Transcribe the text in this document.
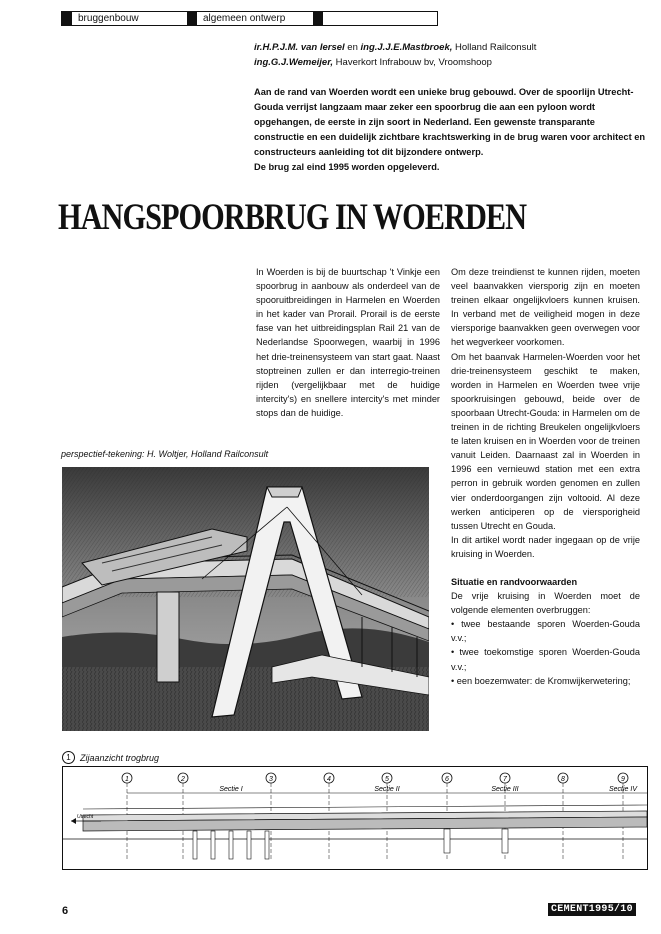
bruggenbouw	algemeen ontwerp
ir.H.P.J.M. van Iersel en ing.J.J.E.Mastbroek, Holland Railconsult
ing.G.J.Wemeijer, Haverkort Infrabouw bv, Vroomshoop

Aan de rand van Woerden wordt een unieke brug gebouwd. Over de spoorlijn Utrecht-Gouda verrijst langzaam maar zeker een spoorbrug die aan een pyloon wordt opgehangen, de eerste in zijn soort in Nederland. Een gewenste transparante constructie en een duidelijk zichtbare krachtswerking in de brug waren voor architect en constructeurs aanleiding tot dit bijzondere ontwerp.

De brug zal eind 1995 worden opgeleverd.

HANGSPOORBRUG IN WOERDEN

In Woerden is bij de buurtschap 't Vinkje een spoorbrug in aanbouw als onderdeel van de spooruitbreidingen in Harmelen en Woerden in het kader van Prorail. Prorail is de eerste fase van het uitbreidingsplan Rail 21 van de Nederlandse Spoorwegen, waarbij in 1996 het drie-treinensysteem van start gaat. Naast stoptreinen zullen er dan interregio-treinen rijden (vergelijkbaar met de huidige intercity's) en snellere intercity's met minder stops dan de huidige.

Om deze treindienst te kunnen rijden, moeten veel baanvakken viersporig zijn en moeten treinen elkaar ongelijkvloers kunnen kruisen. In verband met de veiligheid mogen in deze viersporige baanvakken geen overwegen voor het wegverkeer voorkomen.

Om het baanvak Harmelen-Woerden voor het drie-treinensysteem geschikt te maken, worden in Harmelen en Woerden twee vrije spoorkruisingen gebouwd, beide over de spoorbaan Utrecht-Gouda: in Harmelen om de treinen in de richting Breukelen ongelijkvloers te laten kruisen en in Woerden voor de treinen vanuit Leiden. Daarnaast zal in Woerden in 1996 een vernieuwd station met een extra perron in gebruik worden genomen en zullen vier onderdoorgangen zijn voltooid. Al deze werken anticiperen op de viersporigheid tussen Utrecht en Gouda.

In dit artikel wordt nader ingegaan op de vrije kruising in Woerden.

Situatie en randvoorwaarden

De vrije kruising in Woerden moet de volgende elementen overbruggen:

• twee bestaande sporen Woerden-Gouda v.v.;

• twee toekomstige sporen Woerden-Gouda v.v.;

• een boezemwater: de Kromwijkerwetering;

perspectief-tekening: H. Woltjer, Holland Railconsult
1	Zijaanzicht trogbrug
1	2	3	4	5	6	7	8	9
Sectie I	Sectie II	Sectie III	Sectie IV
Utrecht
6	CEMENT1995/10
